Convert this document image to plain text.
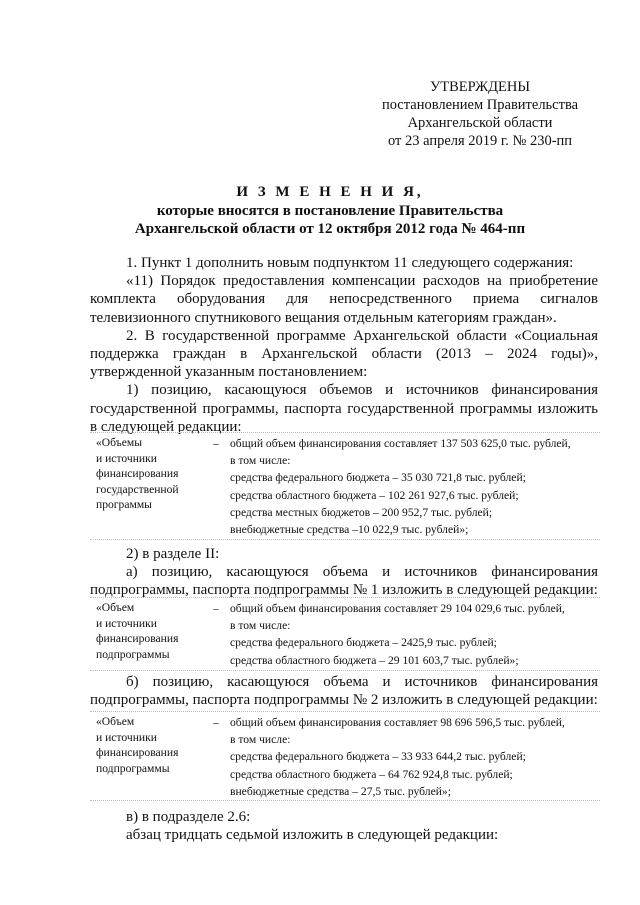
УТВЕРЖДЕНЫ
постановлением Правительства
Архангельской области
от 23 апреля 2019 г. № 230-пп
И З М Е Н Е Н И Я,
которые вносятся в постановление Правительства
Архангельской области от 12 октября 2012 года № 464-пп

1. Пункт 1 дополнить новым подпунктом 11 следующего содержания:

«11) Порядок предоставления компенсации расходов на приобретение комплекта оборудования для непосредственного приема сигналов телевизионного спутникового вещания отдельным категориям граждан».

2. В государственной программе Архангельской области «Социальная поддержка граждан в Архангельской области (2013 – 2024 годы)», утвержденной указанным постановлением:

1) позицию, касающуюся объемов и источников финансирования государственной программы, паспорта государственной программы изложить в следующей редакции:

«Объемы
и источники
финансирования
государственной
программы
– общий объем финансирования составляет 137 503 625,0 тыс. рублей,
в том числе:
средства федерального бюджета – 35 030 721,8 тыс. рублей;
средства областного бюджета – 102 261 927,6 тыс. рублей;
средства местных бюджетов – 200 952,7 тыс. рублей;
внебюджетные средства –10 022,9 тыс. рублей»;

2) в разделе II:

а) позицию, касающуюся объема и источников финансирования подпрограммы, паспорта подпрограммы № 1 изложить в следующей редакции:

«Объем
и источники
финансирования
подпрограммы
– общий объем финансирования составляет 29 104 029,6 тыс. рублей,
в том числе:
средства федерального бюджета – 2425,9 тыс. рублей;
средства областного бюджета – 29 101 603,7 тыс. рублей»;

б) позицию, касающуюся объема и источников финансирования подпрограммы, паспорта подпрограммы № 2 изложить в следующей редакции:

«Объем
и источники
финансирования
подпрограммы
– общий объем финансирования составляет 98 696 596,5 тыс. рублей,
в том числе:
средства федерального бюджета – 33 933 644,2 тыс. рублей;
средства областного бюджета – 64 762 924,8 тыс. рублей;
внебюджетные средства – 27,5 тыс. рублей»;

в) в подразделе 2.6:

абзац тридцать седьмой изложить в следующей редакции:
